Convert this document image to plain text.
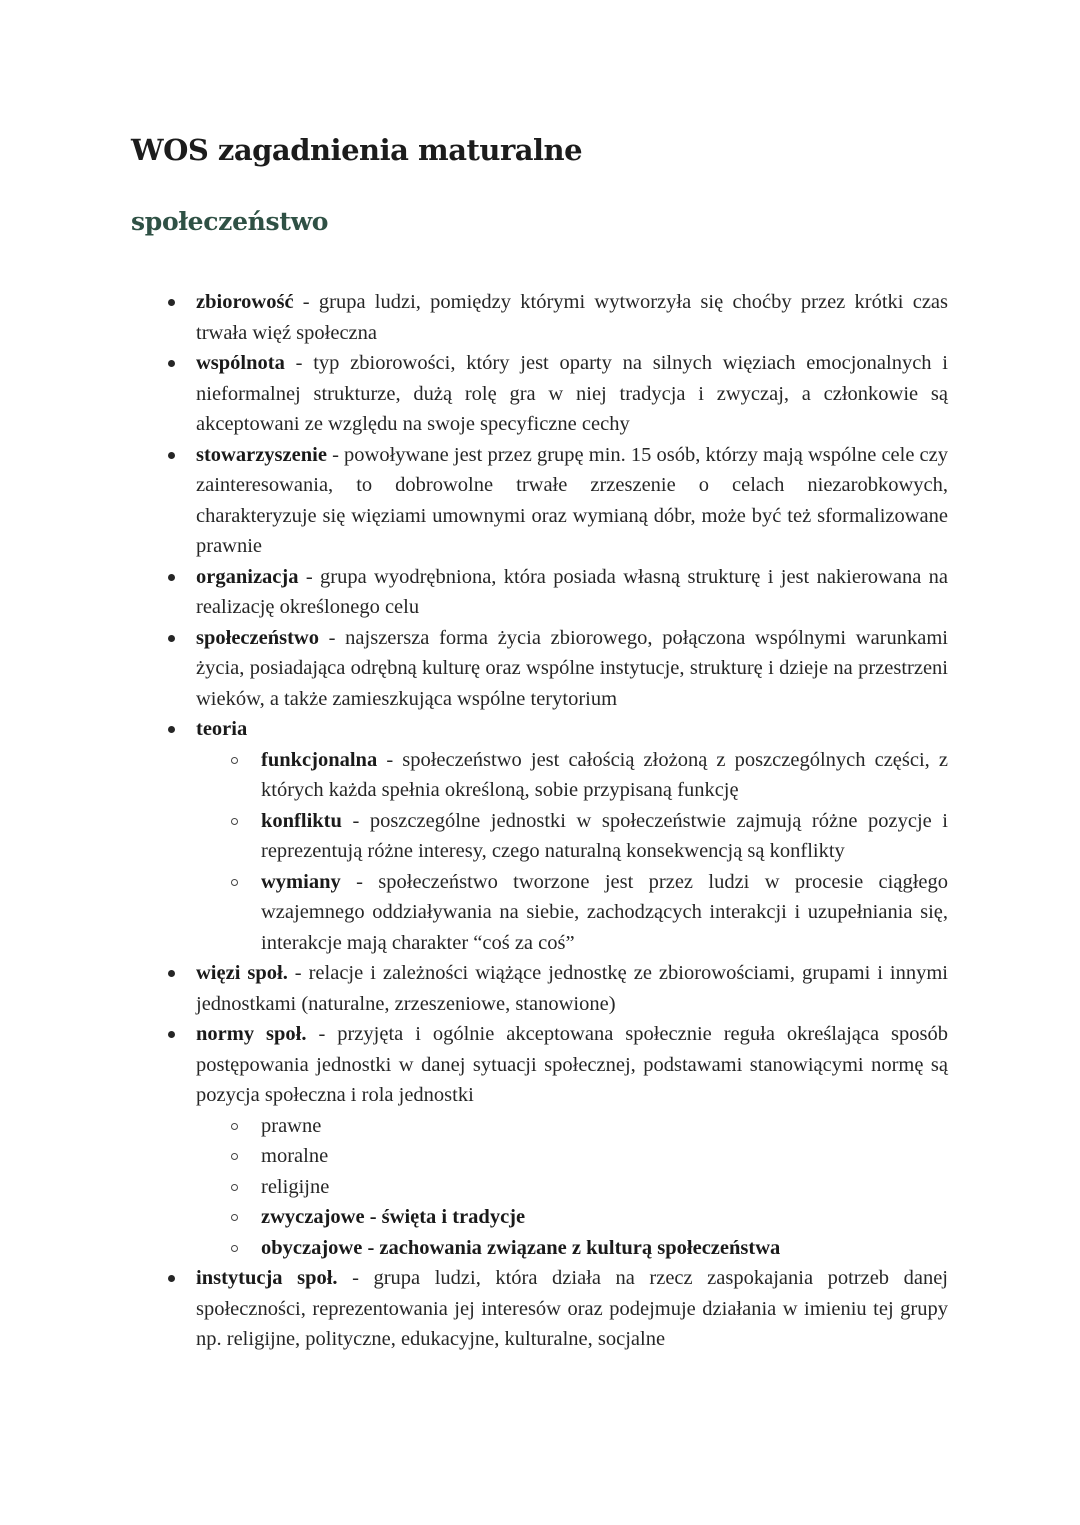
WOS zagadnienia maturalne
społeczeństwo
zbiorowość - grupa ludzi, pomiędzy którymi wytworzyła się choćby przez krótki czas trwała więź społeczna
wspólnota - typ zbiorowości, który jest oparty na silnych więziach emocjonalnych i nieformalnej strukturze, dużą rolę gra w niej tradycja i zwyczaj, a członkowie są akceptowani ze względu na swoje specyficzne cechy
stowarzyszenie - powoływane jest przez grupę min. 15 osób, którzy mają wspólne cele czy zainteresowania, to dobrowolne trwałe zrzeszenie o celach niezarobkowych, charakteryzuje się więziami umownymi oraz wymianą dóbr, może być też sformalizowane prawnie
organizacja - grupa wyodrębniona, która posiada własną strukturę i jest nakierowana na realizację określonego celu
społeczeństwo - najszersza forma życia zbiorowego, połączona wspólnymi warunkami życia, posiadająca odrębną kulturę oraz wspólne instytucje, strukturę i dzieje na przestrzeni wieków, a także zamieszkująca wspólne terytorium
teoria
funkcjonalna - społeczeństwo jest całością złożoną z poszczególnych części, z których każda spełnia określoną, sobie przypisaną funkcję
konfliktu - poszczególne jednostki w społeczeństwie zajmują różne pozycje i reprezentują różne interesy, czego naturalną konsekwencją są konflikty
wymiany - społeczeństwo tworzone jest przez ludzi w procesie ciągłego wzajemnego oddziaływania na siebie, zachodzących interakcji i uzupełniania się, interakcje mają charakter “coś za coś”
więzi społ. - relacje i zależności wiążące jednostkę ze zbiorowościami, grupami i innymi jednostkami (naturalne, zrzeszeniowe, stanowione)
normy społ. - przyjęta i ogólnie akceptowana społecznie reguła określająca sposób postępowania jednostki w danej sytuacji społecznej, podstawami stanowiącymi normę są pozycja społeczna i rola jednostki
prawne
moralne
religijne
zwyczajowe - święta i tradycje
obyczajowe - zachowania związane z kulturą społeczeństwa
instytucja społ. - grupa ludzi, która działa na rzecz zaspokajania potrzeb danej społeczności, reprezentowania jej interesów oraz podejmuje działania w imieniu tej grupy np. religijne, polityczne, edukacyjne, kulturalne, socjalne
